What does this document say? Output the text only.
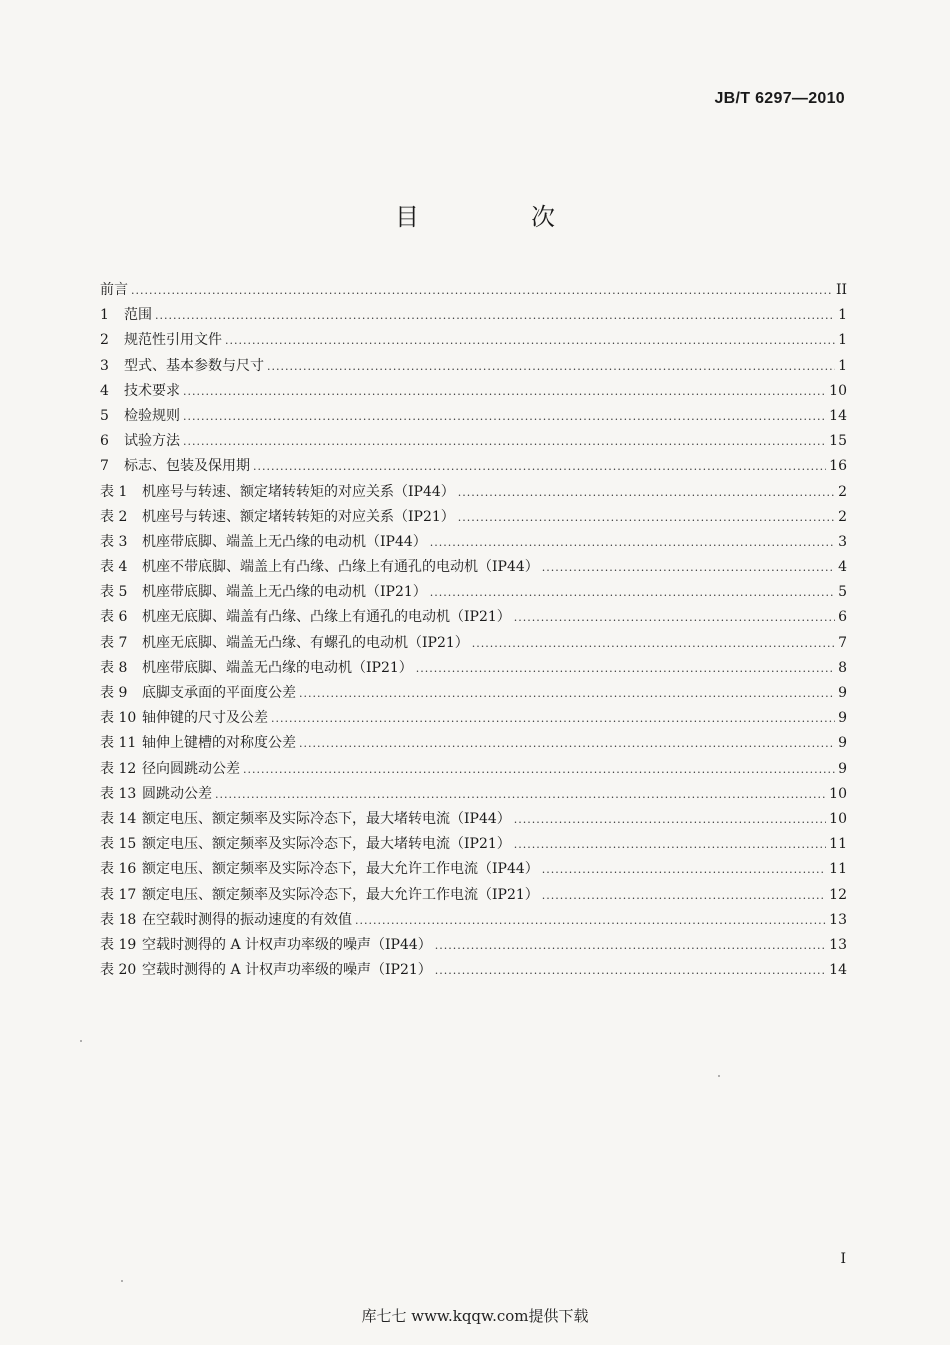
JB/T 6297—2010
目　次
前言 .....	II
1	范围 .....	1
2	规范性引用文件 .....	1
3	型式、基本参数与尺寸 .....	1
4	技术要求 .....	10
5	检验规则 .....	14
6	试验方法 .....	15
7	标志、包装及保用期 .....	16
表 1	机座号与转速、额定堵转转矩的对应关系（IP44） .....	2
表 2	机座号与转速、额定堵转转矩的对应关系（IP21） .....	2
表 3	机座带底脚、端盖上无凸缘的电动机（IP44） .....	3
表 4	机座不带底脚、端盖上有凸缘、凸缘上有通孔的电动机（IP44） .....	4
表 5	机座带底脚、端盖上无凸缘的电动机（IP21） .....	5
表 6	机座无底脚、端盖有凸缘、凸缘上有通孔的电动机（IP21） .....	6
表 7	机座无底脚、端盖无凸缘、有螺孔的电动机（IP21） .....	7
表 8	机座带底脚、端盖无凸缘的电动机（IP21） .....	8
表 9	底脚支承面的平面度公差 .....	9
表 10 轴伸键的尺寸及公差 .....	9
表 11 轴伸上键槽的对称度公差 .....	9
表 12 径向圆跳动公差 .....	9
表 13 圆跳动公差 .....	10
表 14 额定电压、额定频率及实际冷态下，最大堵转电流（IP44） .....	10
表 15 额定电压、额定频率及实际冷态下，最大堵转电流（IP21） .....	11
表 16 额定电压、额定频率及实际冷态下，最大允许工作电流（IP44） .....	11
表 17 额定电压、额定频率及实际冷态下，最大允许工作电流（IP21） .....	12
表 18 在空载时测得的振动速度的有效值 .....	13
表 19 空载时测得的 A 计权声功率级的噪声（IP44） .....	13
表 20 空载时测得的 A 计权声功率级的噪声（IP21） .....	14
I
库七七 www.kqqw.com提供下载
